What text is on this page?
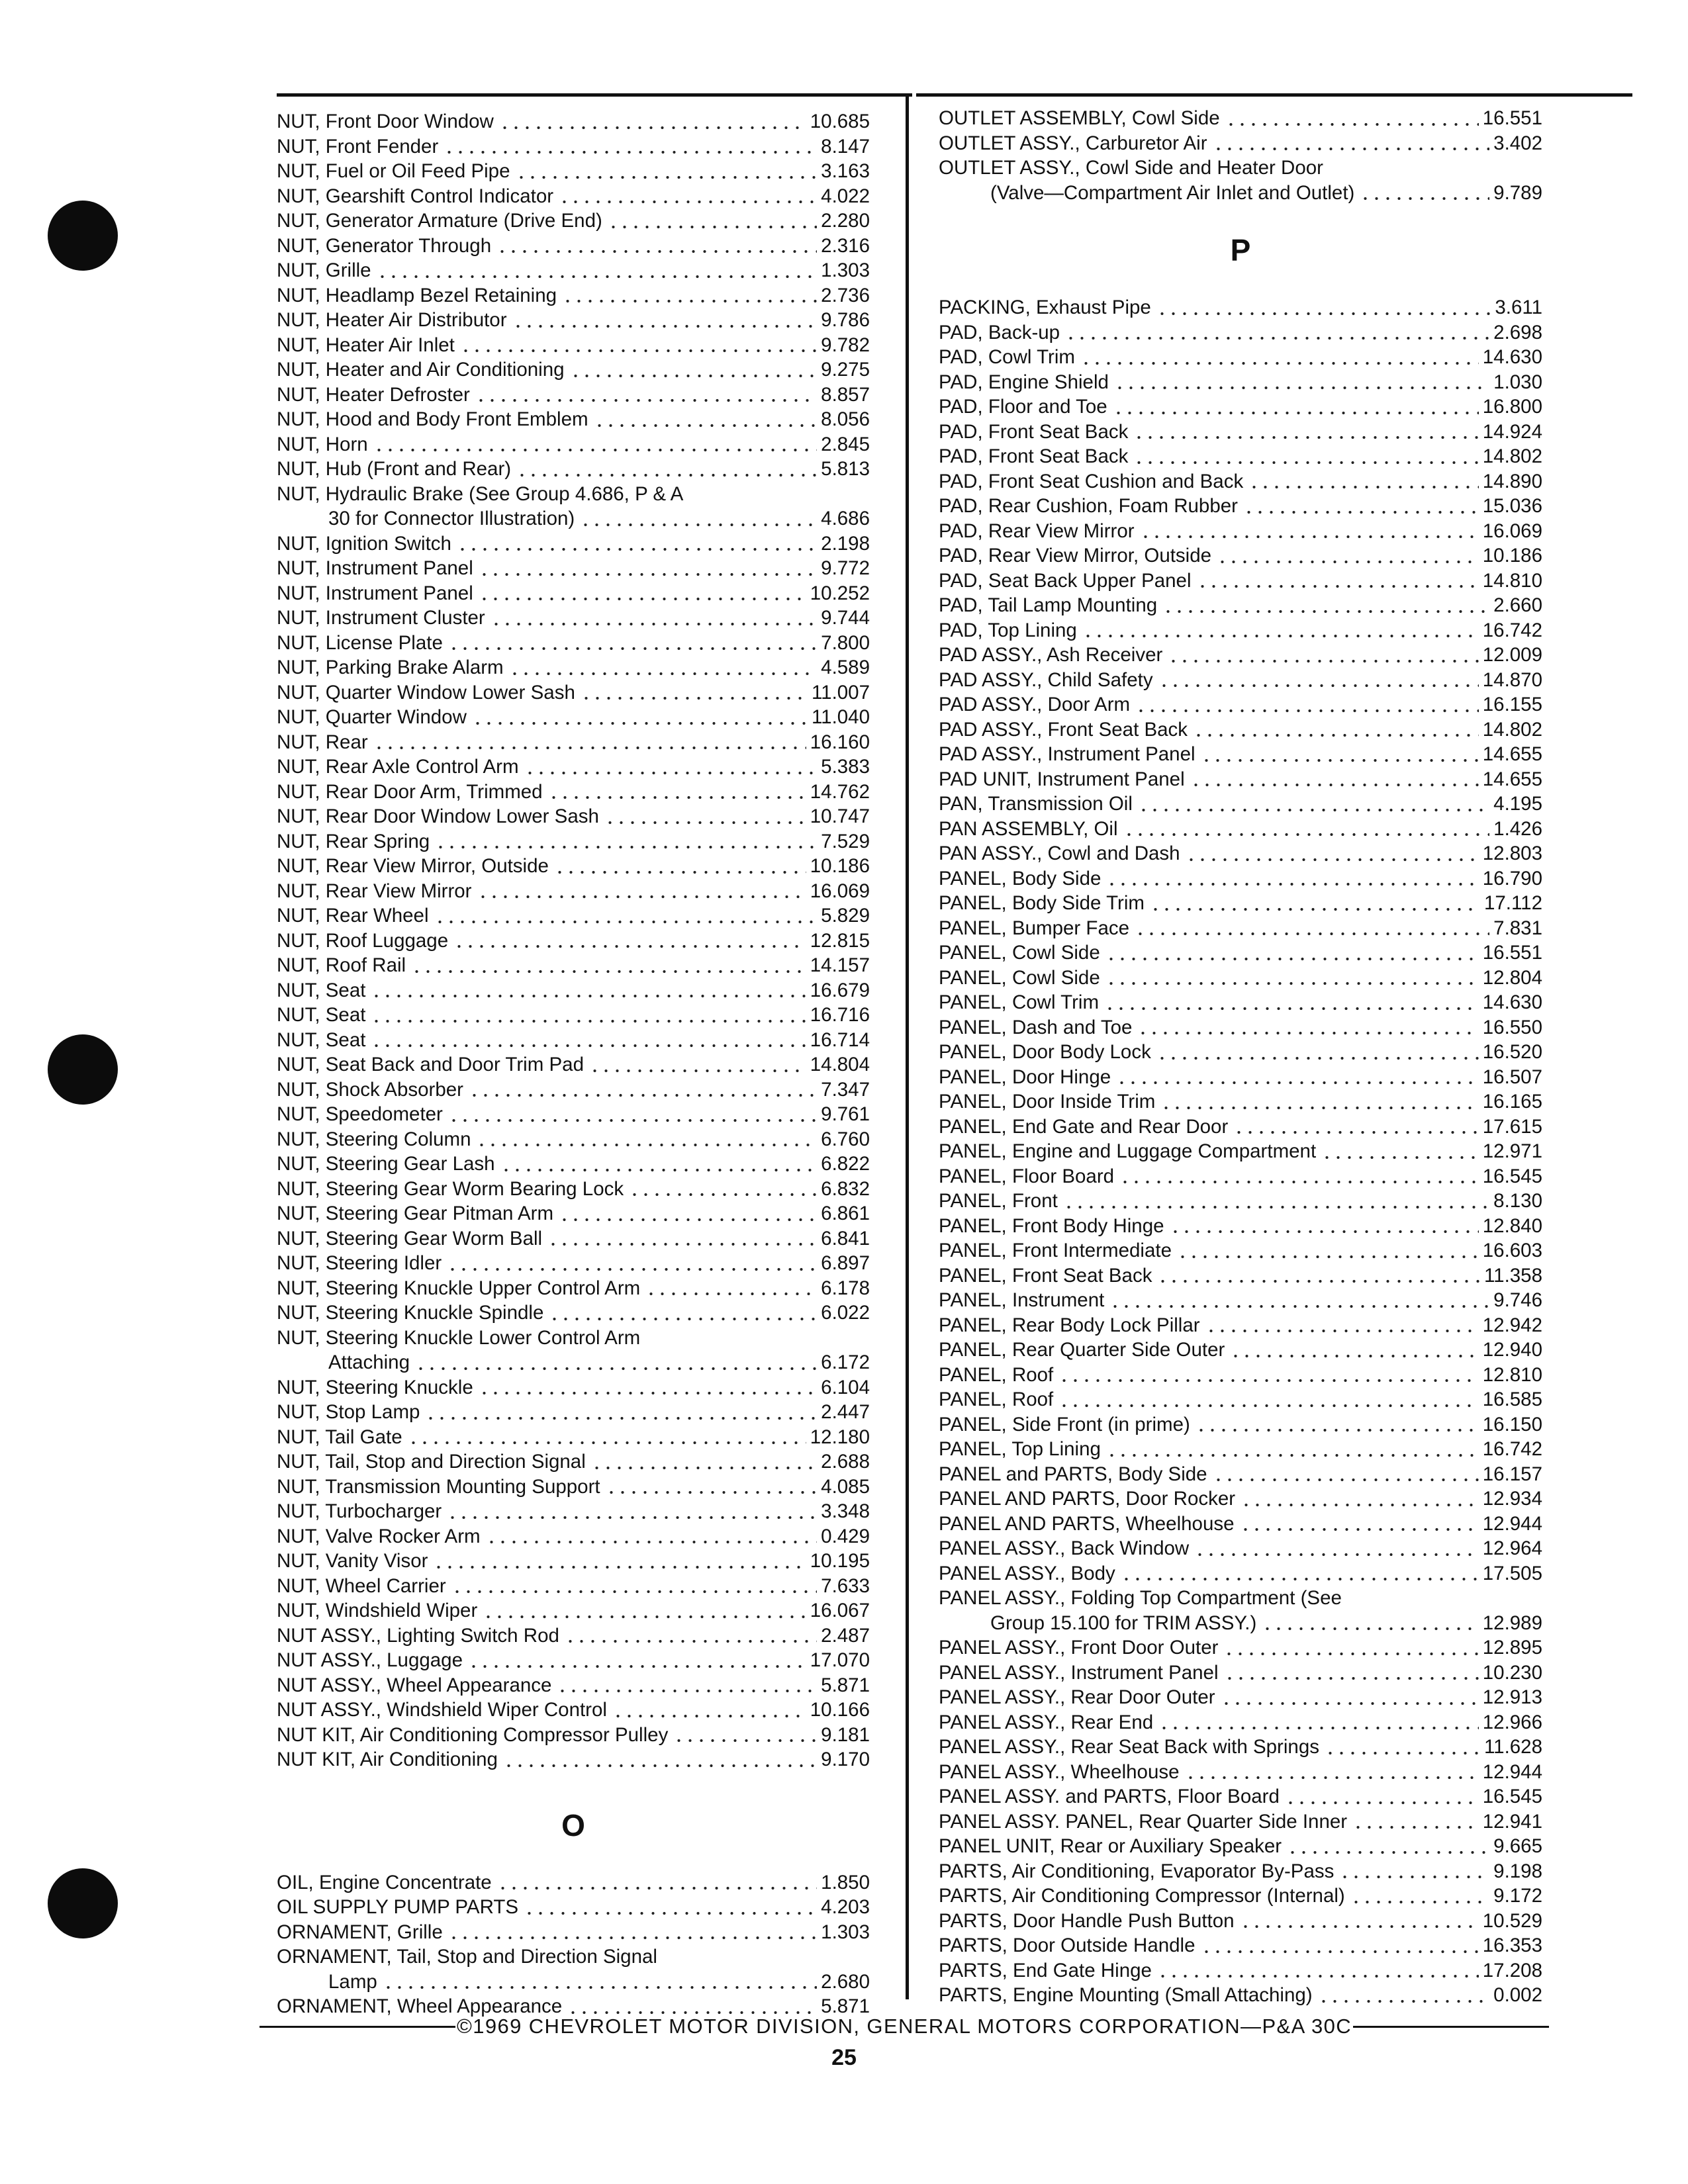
NUT, Front Door Window	10.685
NUT, Front Fender	8.147
NUT, Fuel or Oil Feed Pipe	3.163
NUT, Gearshift Control Indicator	4.022
NUT, Generator Armature (Drive End)	2.280
NUT, Generator Through	2.316
NUT, Grille	1.303
NUT, Headlamp Bezel Retaining	2.736
NUT, Heater Air Distributor	9.786
NUT, Heater Air Inlet	9.782
NUT, Heater and Air Conditioning	9.275
NUT, Heater Defroster	8.857
NUT, Hood and Body Front Emblem	8.056
NUT, Horn	2.845
NUT, Hub (Front and Rear)	5.813
NUT, Hydraulic Brake (See Group 4.686, P & A
30 for Connector Illustration)	4.686
NUT, Ignition Switch	2.198
NUT, Instrument Panel	9.772
NUT, Instrument Panel	10.252
NUT, Instrument Cluster	9.744
NUT, License Plate	7.800
NUT, Parking Brake Alarm	4.589
NUT, Quarter Window Lower Sash	11.007
NUT, Quarter Window	11.040
NUT, Rear	16.160
NUT, Rear Axle Control Arm	5.383
NUT, Rear Door Arm, Trimmed	14.762
NUT, Rear Door Window Lower Sash	10.747
NUT, Rear Spring	7.529
NUT, Rear View Mirror, Outside	10.186
NUT, Rear View Mirror	16.069
NUT, Rear Wheel	5.829
NUT, Roof Luggage	12.815
NUT, Roof Rail	14.157
NUT, Seat	16.679
NUT, Seat	16.716
NUT, Seat	16.714
NUT, Seat Back and Door Trim Pad	14.804
NUT, Shock Absorber	7.347
NUT, Speedometer	9.761
NUT, Steering Column	6.760
NUT, Steering Gear Lash	6.822
NUT, Steering Gear Worm Bearing Lock	6.832
NUT, Steering Gear Pitman Arm	6.861
NUT, Steering Gear Worm Ball	6.841
NUT, Steering Idler	6.897
NUT, Steering Knuckle Upper Control Arm	6.178
NUT, Steering Knuckle Spindle	6.022
NUT, Steering Knuckle Lower Control Arm
Attaching	6.172
NUT, Steering Knuckle	6.104
NUT, Stop Lamp	2.447
NUT, Tail Gate	12.180
NUT, Tail, Stop and Direction Signal	2.688
NUT, Transmission Mounting Support	4.085
NUT, Turbocharger	3.348
NUT, Valve Rocker Arm	0.429
NUT, Vanity Visor	10.195
NUT, Wheel Carrier	7.633
NUT, Windshield Wiper	16.067
NUT ASSY., Lighting Switch Rod	2.487
NUT ASSY., Luggage	17.070
NUT ASSY., Wheel Appearance	5.871
NUT ASSY., Windshield Wiper Control	10.166
NUT KIT, Air Conditioning Compressor Pulley	9.181
NUT KIT, Air Conditioning	9.170
O
OIL, Engine Concentrate	1.850
OIL SUPPLY PUMP PARTS	4.203
ORNAMENT, Grille	1.303
ORNAMENT, Tail, Stop and Direction Signal
Lamp	2.680
ORNAMENT, Wheel Appearance	5.871
OUTLET ASSEMBLY, Cowl Side	16.551
OUTLET ASSY., Carburetor Air	3.402
OUTLET ASSY., Cowl Side and Heater Door
(Valve—Compartment Air Inlet and Outlet)	9.789
P
PACKING, Exhaust Pipe	3.611
PAD, Back-up	2.698
PAD, Cowl Trim	14.630
PAD, Engine Shield	1.030
PAD, Floor and Toe	16.800
PAD, Front Seat Back	14.924
PAD, Front Seat Back	14.802
PAD, Front Seat Cushion and Back	14.890
PAD, Rear Cushion, Foam Rubber	15.036
PAD, Rear View Mirror	16.069
PAD, Rear View Mirror, Outside	10.186
PAD, Seat Back Upper Panel	14.810
PAD, Tail Lamp Mounting	2.660
PAD, Top Lining	16.742
PAD ASSY., Ash Receiver	12.009
PAD ASSY., Child Safety	14.870
PAD ASSY., Door Arm	16.155
PAD ASSY., Front Seat Back	14.802
PAD ASSY., Instrument Panel	14.655
PAD UNIT, Instrument Panel	14.655
PAN, Transmission Oil	4.195
PAN ASSEMBLY, Oil	1.426
PAN ASSY., Cowl and Dash	12.803
PANEL, Body Side	16.790
PANEL, Body Side Trim	17.112
PANEL, Bumper Face	7.831
PANEL, Cowl Side	16.551
PANEL, Cowl Side	12.804
PANEL, Cowl Trim	14.630
PANEL, Dash and Toe	16.550
PANEL, Door Body Lock	16.520
PANEL, Door Hinge	16.507
PANEL, Door Inside Trim	16.165
PANEL, End Gate and Rear Door	17.615
PANEL, Engine and Luggage Compartment	12.971
PANEL, Floor Board	16.545
PANEL, Front	8.130
PANEL, Front Body Hinge	12.840
PANEL, Front Intermediate	16.603
PANEL, Front Seat Back	11.358
PANEL, Instrument	9.746
PANEL, Rear Body Lock Pillar	12.942
PANEL, Rear Quarter Side Outer	12.940
PANEL, Roof	12.810
PANEL, Roof	16.585
PANEL, Side Front (in prime)	16.150
PANEL, Top Lining	16.742
PANEL and PARTS, Body Side	16.157
PANEL AND PARTS, Door Rocker	12.934
PANEL AND PARTS, Wheelhouse	12.944
PANEL ASSY., Back Window	12.964
PANEL ASSY., Body	17.505
PANEL ASSY., Folding Top Compartment (See
Group 15.100 for TRIM ASSY.)	12.989
PANEL ASSY., Front Door Outer	12.895
PANEL ASSY., Instrument Panel	10.230
PANEL ASSY., Rear Door Outer	12.913
PANEL ASSY., Rear End	12.966
PANEL ASSY., Rear Seat Back with Springs	11.628
PANEL ASSY., Wheelhouse	12.944
PANEL ASSY. and PARTS, Floor Board	16.545
PANEL ASSY. PANEL, Rear Quarter Side Inner	12.941
PANEL UNIT, Rear or Auxiliary Speaker	9.665
PARTS, Air Conditioning, Evaporator By-Pass	9.198
PARTS, Air Conditioning Compressor (Internal)	9.172
PARTS, Door Handle Push Button	10.529
PARTS, Door Outside Handle	16.353
PARTS, End Gate Hinge	17.208
PARTS, Engine Mounting (Small Attaching)	0.002
©1969 CHEVROLET MOTOR DIVISION, GENERAL MOTORS CORPORATION—P&A 30C
25
